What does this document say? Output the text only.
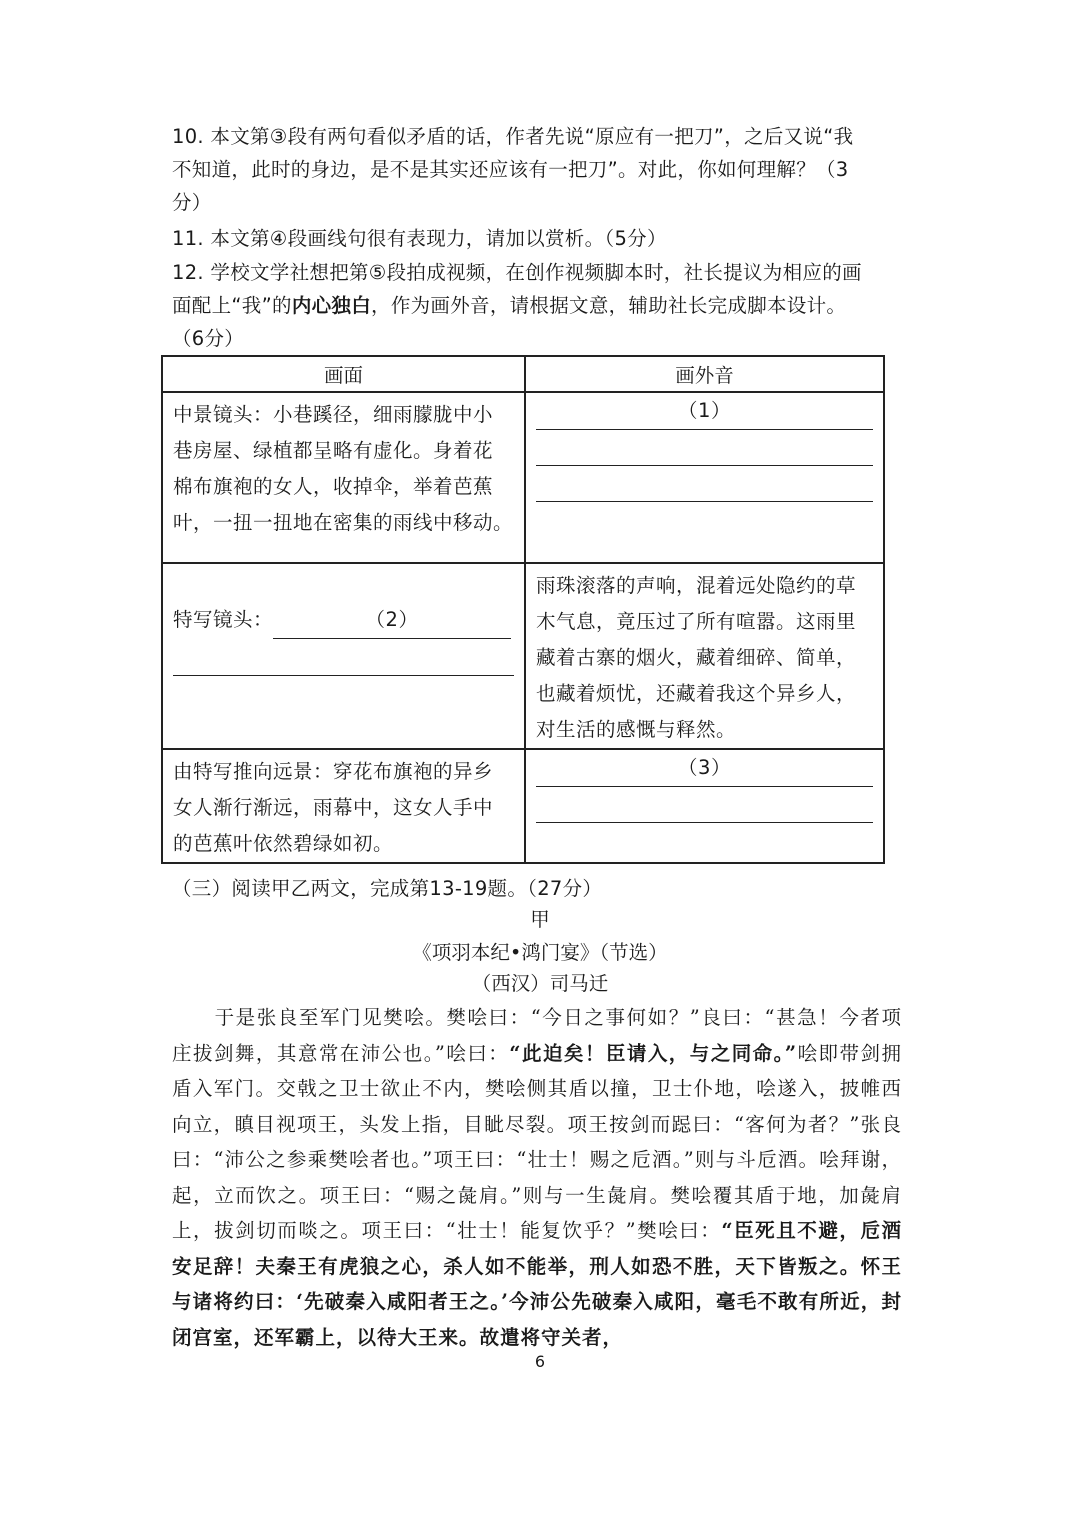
10. 本文第③段有两句看似矛盾的话，作者先说“原应有一把刀”，之后又说“我
不知道，此时的身边，是不是其实还应该有一把刀”。对此，你如何理解？（3
分）
11. 本文第④段画线句很有表现力，请加以赏析。（5分）
12. 学校文学社想把第⑤段拍成视频，在创作视频脚本时，社长提议为相应的画
面配上“我”的内心独白，作为画外音，请根据文意，辅助社长完成脚本设计。
（6分）
画面	画外音

中景镜头：小巷蹊径，细雨朦胧中小
巷房屋、绿植都呈略有虚化。身着花
棉布旗袍的女人，收掉伞，举着芭蕉
叶，一扭一扭地在密集的雨线中移动。	（1）

特写镜头： （2）	雨珠滚落的声响，混着远处隐约的草
木气息，竟压过了所有喧嚣。这雨里
藏着古寨的烟火，藏着细碎、简单，
也藏着烦忧，还藏着我这个异乡人，
对生活的感慨与释然。

由特写推向远景：穿花布旗袍的异乡
女人渐行渐远，雨幕中，这女人手中
的芭蕉叶依然碧绿如初。	（3）
（三）阅读甲乙两文，完成第13-19题。（27分）
甲
《项羽本纪•鸿门宴》（节选）
（西汉）司马迁
于是张良至军门见樊哙。樊哙曰：“今日之事何如？”良曰：“甚急！今者项庄拔剑舞，其意常在沛公也。”哙曰：“此迫矣！臣请入，与之同命。”哙即带剑拥盾入军门。交戟之卫士欲止不内，樊哙侧其盾以撞，卫士仆地，哙遂入，披帷西向立，瞋目视项王，头发上指，目眦尽裂。项王按剑而跽曰：“客何为者？”张良曰：“沛公之参乘樊哙者也。”项王曰：“壮士！赐之卮酒。”则与斗卮酒。哙拜谢，起，立而饮之。项王曰：“赐之彘肩。”则与一生彘肩。樊哙覆其盾于地，加彘肩上，拔剑切而啖之。项王曰：“壮士！能复饮乎？”樊哙曰：“臣死且不避，卮酒安足辞！夫秦王有虎狼之心，杀人如不能举，刑人如恐不胜，天下皆叛之。怀王与诸将约曰：‘先破秦入咸阳者王之。’今沛公先破秦入咸阳，毫毛不敢有所近，封闭宫室，还军霸上，以待大王来。故遣将守关者，
6
